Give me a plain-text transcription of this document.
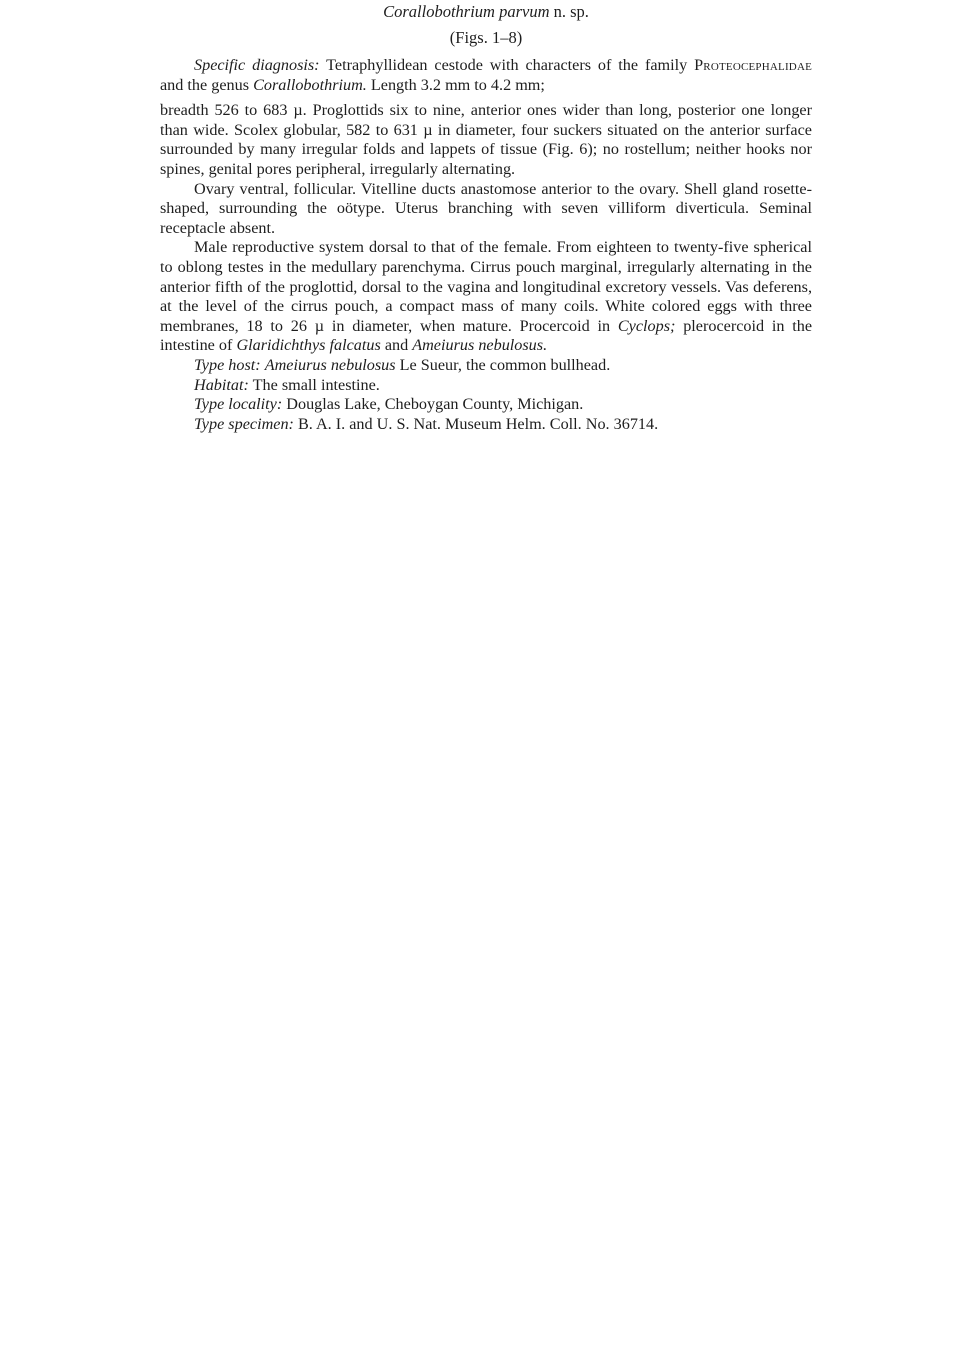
Corallobothrium parvum n. sp.

(Figs. 1–8)

Specific diagnosis: Tetraphyllidean cestode with characters of the family Proteocephalidae and the genus Corallobothrium. Length 3.2 mm to 4.2 mm;

breadth 526 to 683 µ. Proglottids six to nine, anterior ones wider than long, posterior one longer than wide. Scolex globular, 582 to 631 µ in diameter, four suckers situated on the anterior surface surrounded by many irregular folds and lappets of tissue (Fig. 6); no rostellum; neither hooks nor spines, genital pores peripheral, irregularly alternating.

Ovary ventral, follicular. Vitelline ducts anastomose anterior to the ovary. Shell gland rosette-shaped, surrounding the oötype. Uterus branching with seven villiform diverticula. Seminal receptacle absent.

Male reproductive system dorsal to that of the female. From eighteen to twenty-five spherical to oblong testes in the medullary parenchyma. Cirrus pouch marginal, irregularly alternating in the anterior fifth of the proglottid, dorsal to the vagina and longitudinal excretory vessels. Vas deferens, at the level of the cirrus pouch, a compact mass of many coils. White colored eggs with three membranes, 18 to 26 µ in diameter, when mature. Procercoid in Cyclops; plerocercoid in the intestine of Glaridichthys falcatus and Ameiurus nebulosus.

Type host: Ameiurus nebulosus Le Sueur, the common bullhead.

Habitat: The small intestine.

Type locality: Douglas Lake, Cheboygan County, Michigan.

Type specimen: B. A. I. and U. S. Nat. Museum Helm. Coll. No. 36714.
